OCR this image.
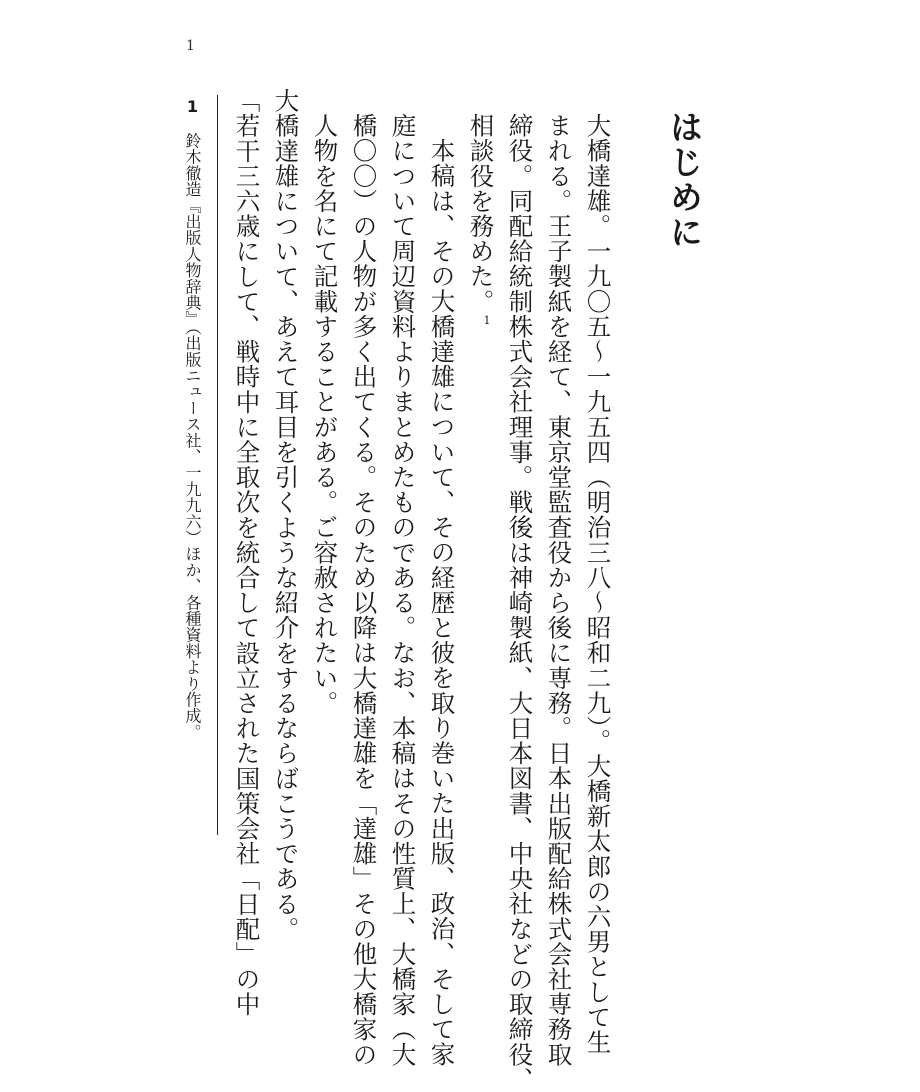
1
はじめに
大橋達雄。一九〇五～一九五四（明治三八～昭和二九）。大橋新太郎の六男として生
まれる。王子製紙を経て、東京堂監査役から後に専務。日本出版配給株式会社専務取
締役。同配給統制株式会社理事。戦後は神崎製紙、大日本図書、中央社などの取締役、
相談役を務めた。1
本稿は、その大橋達雄について、その経歴と彼を取り巻いた出版、政治、そして家
庭について周辺資料よりまとめたものである。なお、本稿はその性質上、大橋家（大
橋〇〇）の人物が多く出てくる。そのため以降は大橋達雄を「達雄」その他大橋家の
人物を名にて記載することがある。ご容赦されたい。
大橋達雄について、あえて耳目を引くような紹介をするならばこうである。
「若干三六歳にして、戦時中に全取次を統合して設立された国策会社「日配」の中
1　鈴木徹造『出版人物辞典』（出版ニュース社、一九九六）ほか、各種資料より作成。
